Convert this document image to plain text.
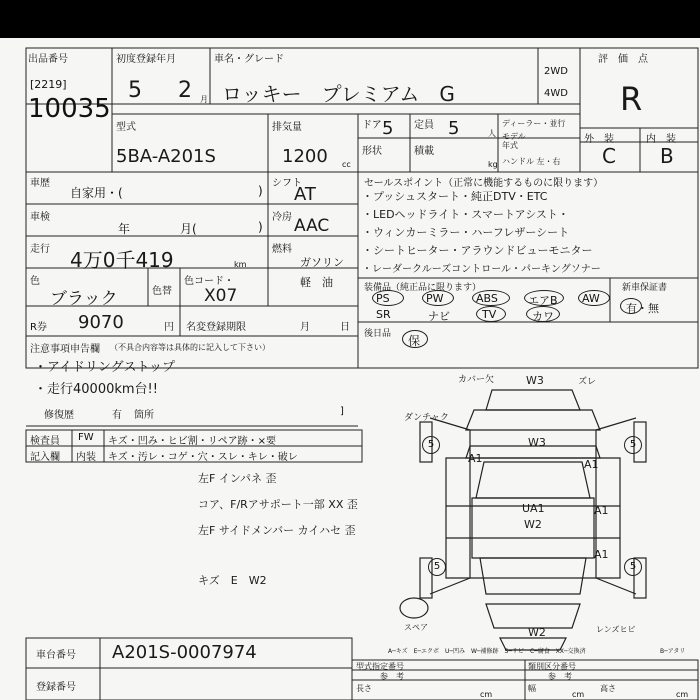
出品番号
[2219]
10035
初度登録年月
5 2 月
車名・グレード
ロッキー　プレミアム　G
2WD
4WD
評　価　点
R
外　装	内　装
C B
型式
5BA-A201S
排気量
1200 cc
ドア 5 定員 5	人
形状	積載
kg
ディーラー・並行
モデル年式
ハンドル 左・右
車歴
自家用・(	)
シフト
AT
車検
年	月(	)
冷房 AAC
走行 4万0千419	km
燃料
ガソリン
軽　油
色
ブラック	色替
色コード・
X07
R券 9070	円 名変登録期限	月	日
セールスポイント（正常に機能するものに限ります）
・プッシュスタート・純正DTV・ETC
・LEDヘッドライト・スマートアシスト・
・ウィンカーミラー・ハーフレザーシート
・シートヒーター・アラウンドビューモニター
・レーダークルーズコントロール・パーキングソナー
装備品（純正品に限ります）	新車保証書
PS	PW	ABS	エアB AW
SR	ナビ	TV	カワ
有・無
後日品 保
注意事項申告欄 （不具合内容等は具体的に記入して下さい）
・アイドリングストップ
・走行40000km台!!
修復歴	有 箇所	]
検査員
記入欄
FW キズ・凹み・ヒビ割・リペア跡・×要
内装 キズ・汚レ・コゲ・穴・スレ・キレ・破レ
左F インパネ 歪
コア、F/Rアサポート一部 XX 歪
左F サイドメンバー カイハセ 歪
キズ　E　W2
カバー欠
ダンチャク
スペア	レンズヒビ
ズレ
W3
W3
A1	A1
UA1
W2
A1
A1
W2
5	5
5	5
A─キズ　E─エクボ　U─凹み　W─補修跡　S─サビ　C─腐食　XX─交換済	B─アタリ
車台番号 A201S-0007974
登録番号
型式指定番号	類別区分番号
参　考	参　考
長さ
cm
幅
cm
高さ
cm
